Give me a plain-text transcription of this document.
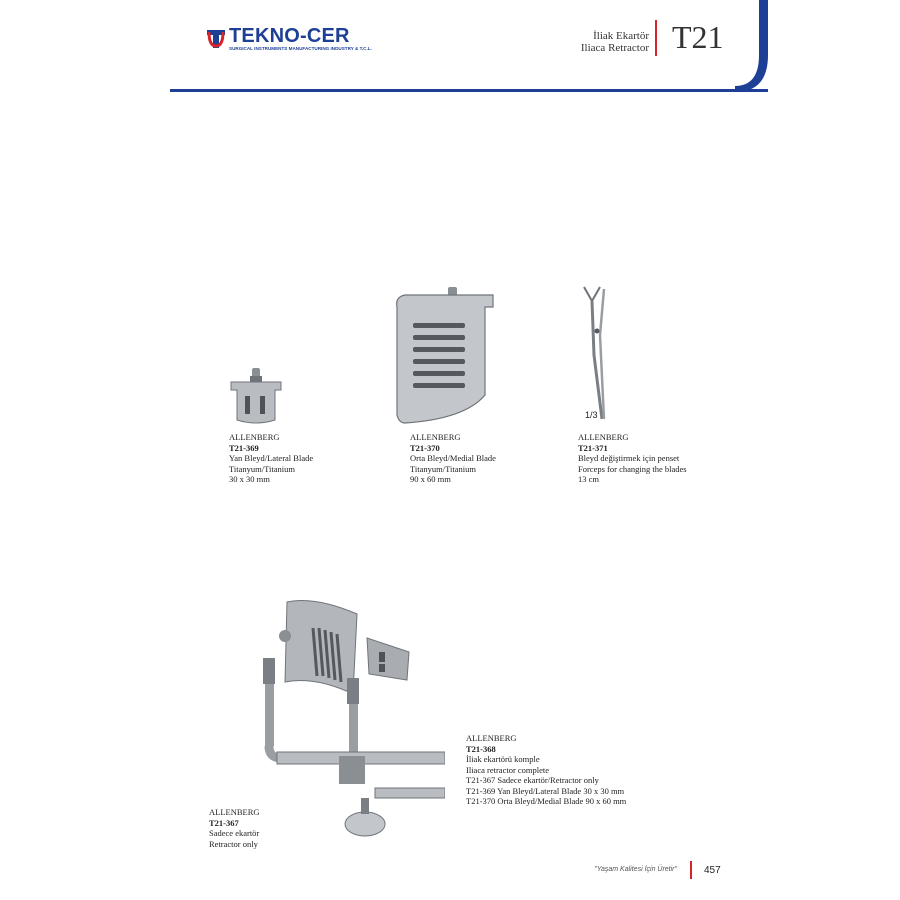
TEKNO-CER
SURGICAL INSTRUMENTS MANUFACTURING INDUSTRY & T.C.L.
İliak Ekartör
Iliaca Retractor T21
1/3
ALLENBERG
T21-369
Yan Bleyd/Lateral Blade
Titanyum/Titanium
30 x 30 mm
ALLENBERG
T21-370
Orta Bleyd/Medial Blade
Titanyum/Titanium
90 x 60 mm
ALLENBERG
T21-371
Bleyd değiştirmek için penset
Forceps for changing the blades
13 cm
ALLENBERG
T21-368
İliak ekartörü komple
Iliaca retractor complete
T21-367 Sadece ekartör/Retractor only
T21-369 Yan Bleyd/Lateral Blade 30 x 30 mm
T21-370 Orta Bleyd/Medial Blade 90 x 60 mm
ALLENBERG
T21-367
Sadece ekartör
Retractor only
"Yaşam Kalitesi İçin Üretir"	457
